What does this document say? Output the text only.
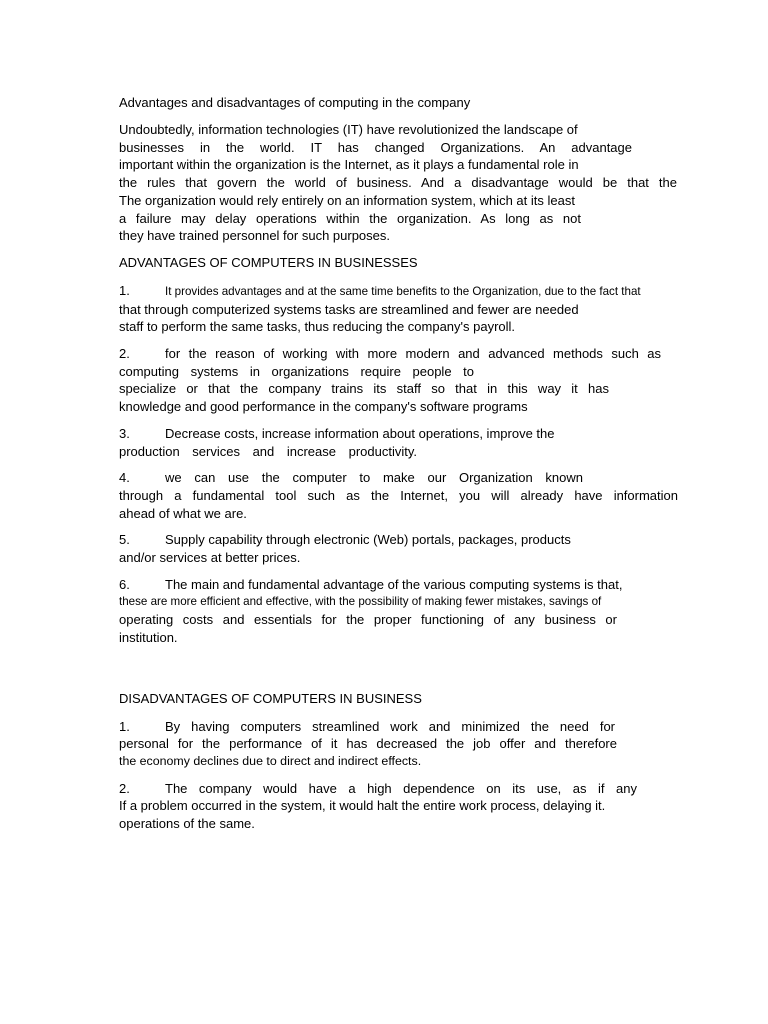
Advantages and disadvantages of computing in the company
Undoubtedly, information technologies (IT) have revolutionized the landscape of
businesses in the world. IT has changed Organizations. An advantage
important within the organization is the Internet, as it plays a fundamental role in
the rules that govern the world of business. And a disadvantage would be that the
The organization would rely entirely on an information system, which at its least
a failure may delay operations within the organization. As long as not
they have trained personnel for such purposes.
ADVANTAGES OF COMPUTERS IN BUSINESSES
1.	It provides advantages and at the same time benefits to the Organization, due to the fact that
that through computerized systems tasks are streamlined and fewer are needed
staff to perform the same tasks, thus reducing the company's payroll.
2.	for the reason of working with more modern and advanced methods such as
computing systems in organizations require people to
specialize or that the company trains its staff so that in this way it has
knowledge and good performance in the company's software programs
3.	Decrease costs, increase information about operations, improve the
production services and increase productivity.
4.	we can use the computer to make our Organization known
through a fundamental tool such as the Internet, you will already have information
ahead of what we are.
5.	Supply capability through electronic (Web) portals, packages, products
and/or services at better prices.
6.	The main and fundamental advantage of the various computing systems is that,
these are more efficient and effective, with the possibility of making fewer mistakes, savings of
operating costs and essentials for the proper functioning of any business or
institution.
DISADVANTAGES OF COMPUTERS IN BUSINESS
1.	By having computers streamlined work and minimized the need for
personal for the performance of it has decreased the job offer and therefore
the economy declines due to direct and indirect effects.
2.	The company would have a high dependence on its use, as if any
If a problem occurred in the system, it would halt the entire work process, delaying it.
operations of the same.
